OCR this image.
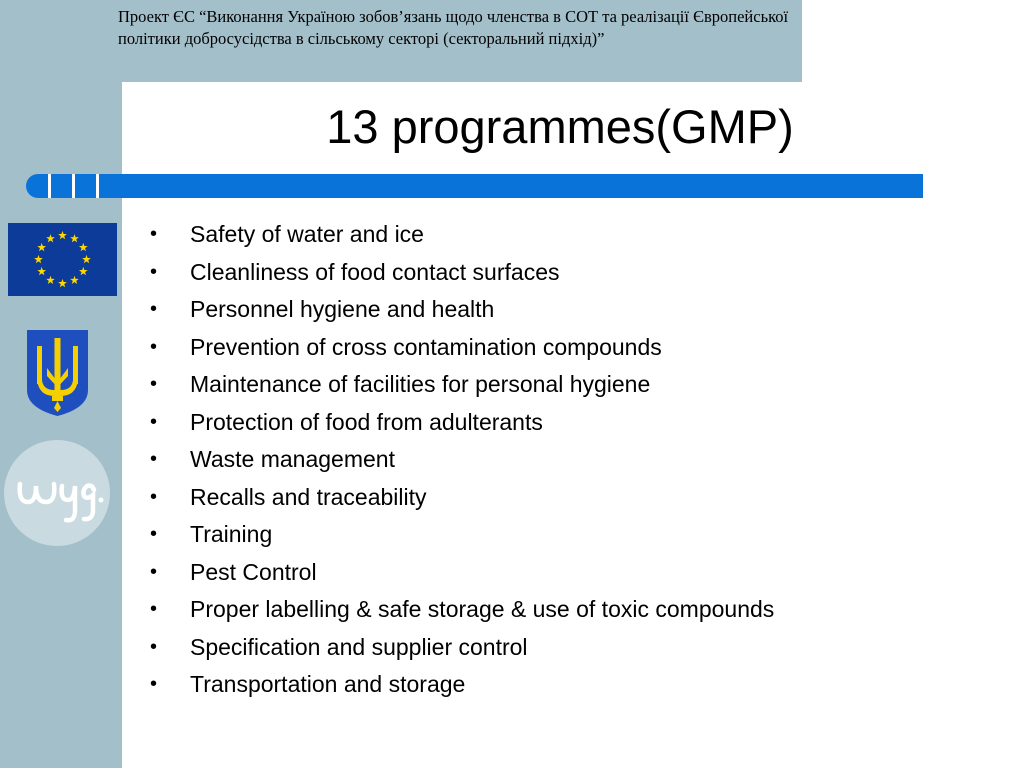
Проект ЄС “Виконання Україною зобов’язань щодо членства в СОТ та реалізації Європейської політики добросусідства в сільському секторі (секторальний підхід)”

13 programmes(GMP)
•	Safety of water and ice
•	Cleanliness of food contact surfaces
•	Personnel hygiene and health
•	Prevention of cross contamination compounds
•	Maintenance of facilities for personal hygiene
•	Protection of food from adulterants
•	Waste management
•	Recalls and traceability
•	Training
•	Pest Control
•	Proper labelling & safe storage & use of toxic compounds
•	Specification and supplier control
•	Transportation and storage
